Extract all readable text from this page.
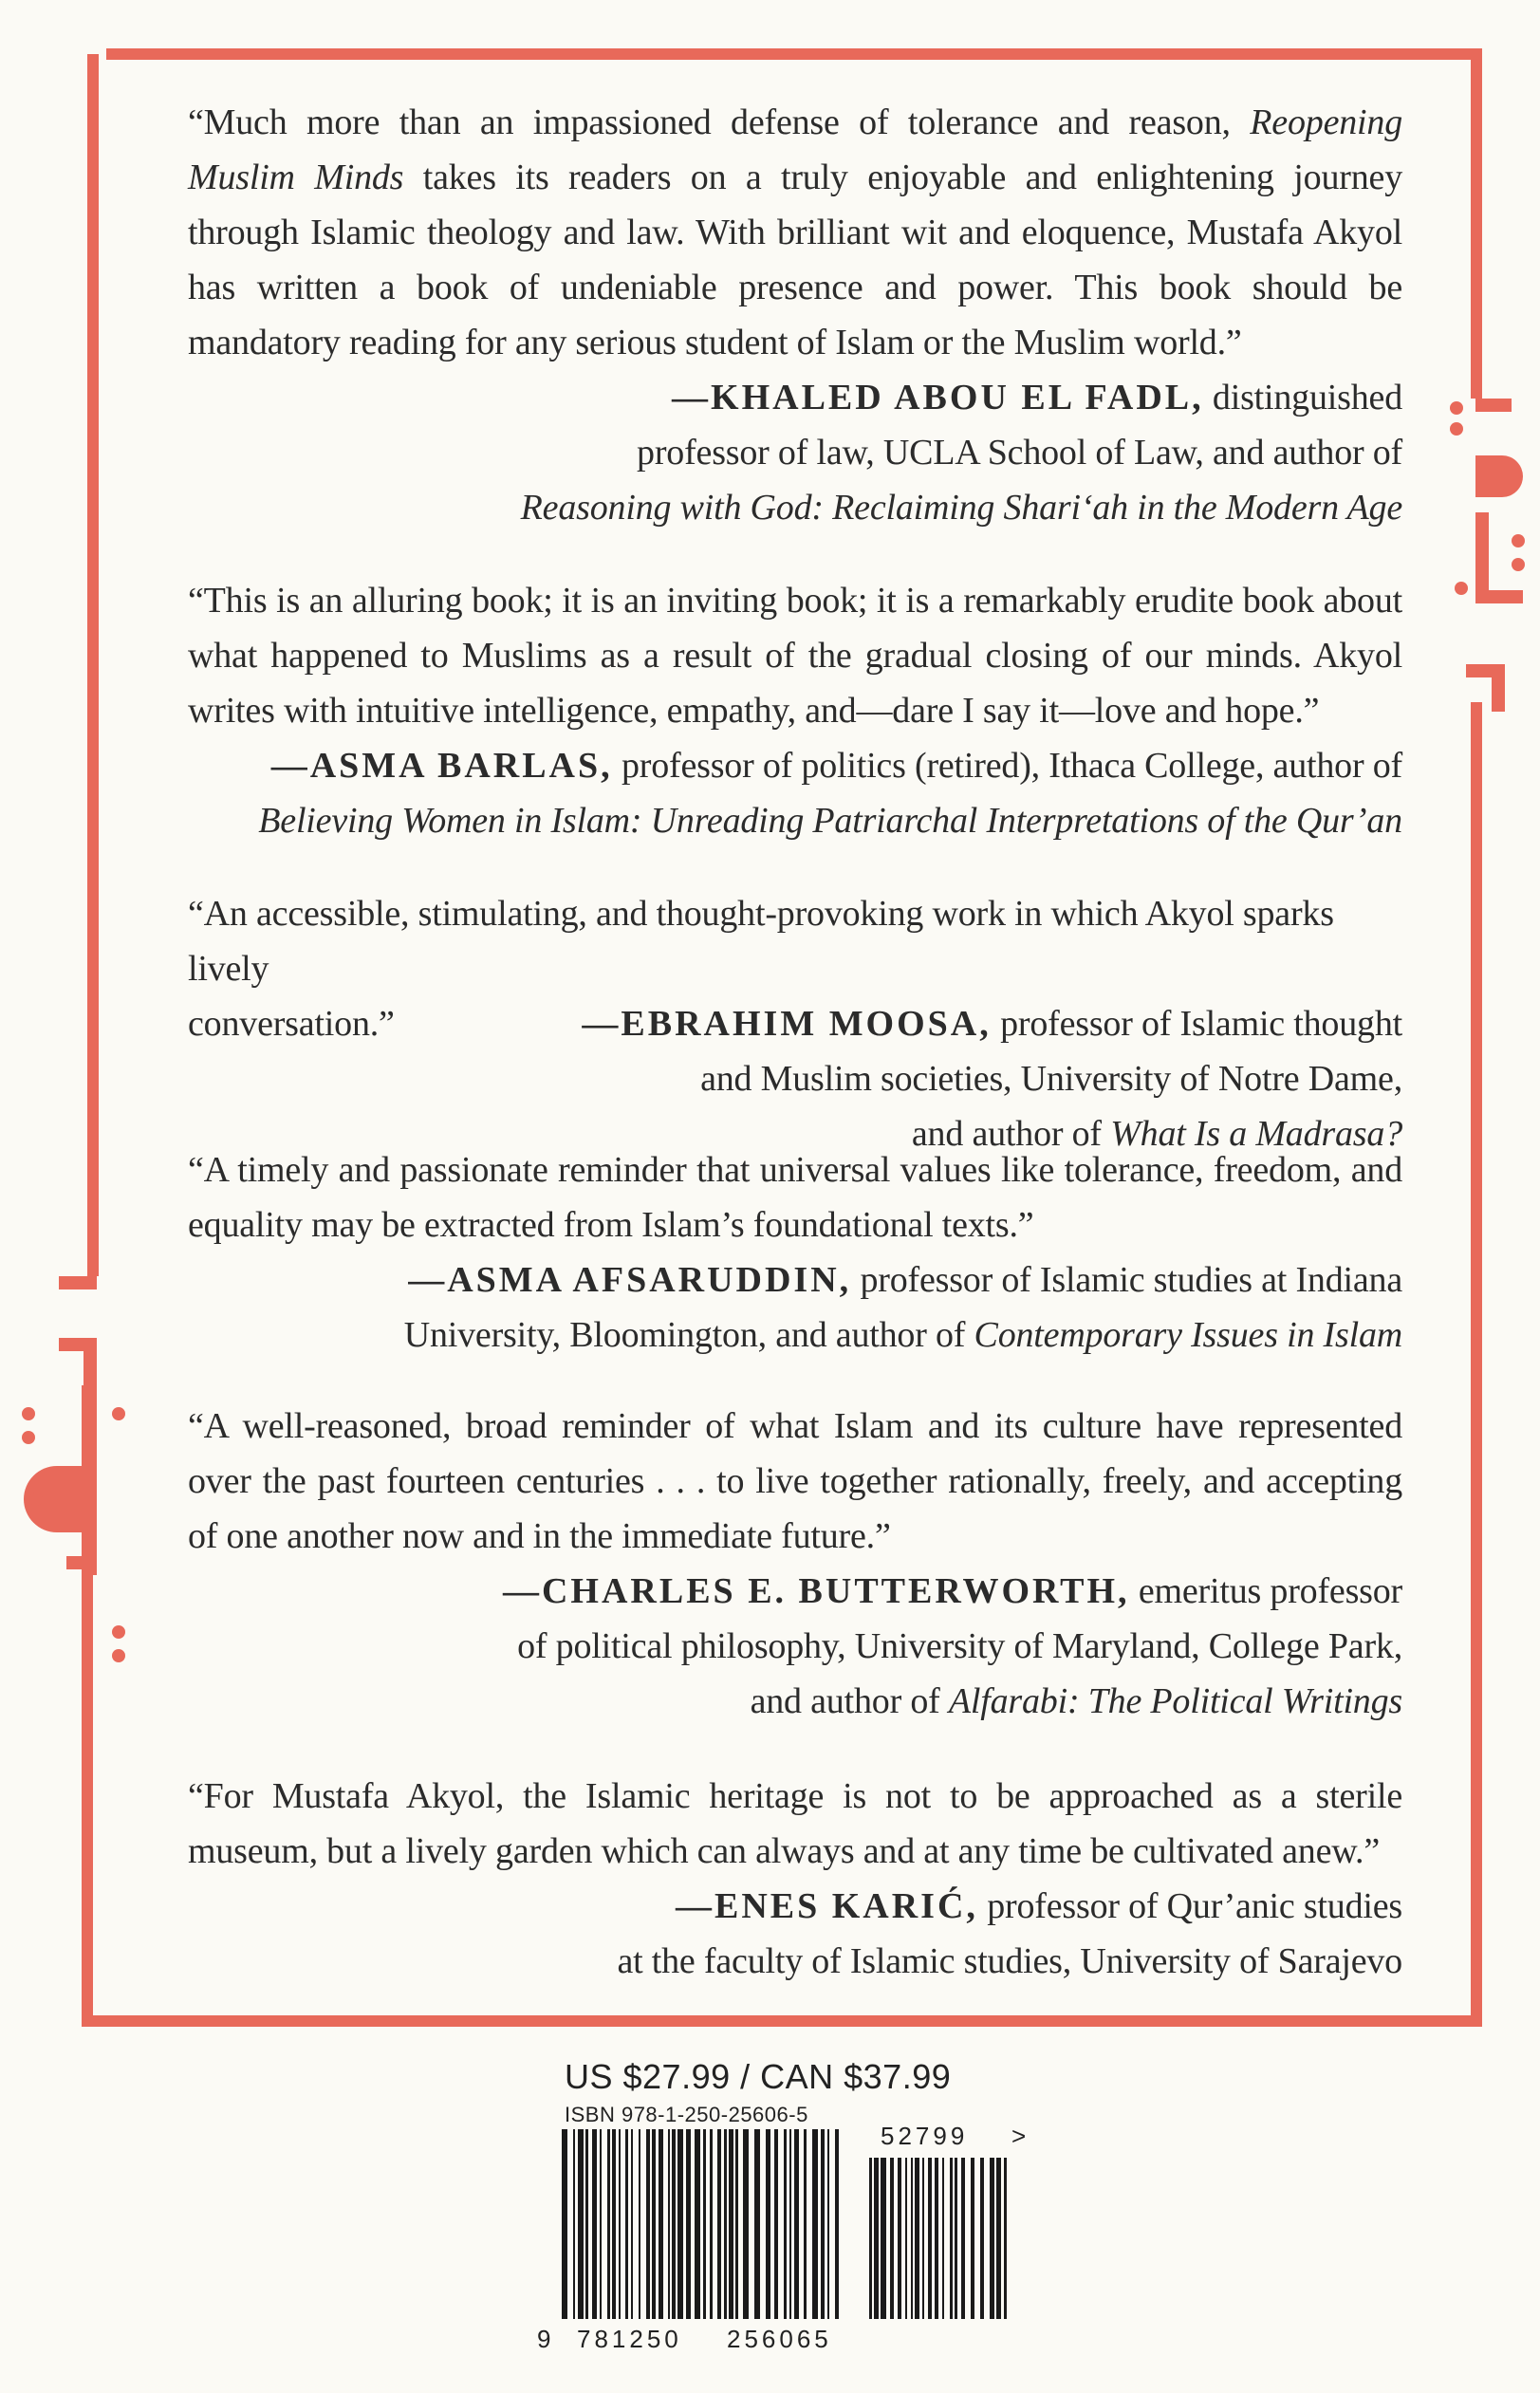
“Much more than an impassioned defense of tolerance and reason, Reopening Muslim Minds takes its readers on a truly enjoyable and enlightening journey through Islamic theology and law. With brilliant wit and eloquence, Mustafa Akyol has written a book of undeniable presence and power. This book should be mandatory reading for any serious student of Islam or the Muslim world.”

—KHALED ABOU EL FADL, distinguished
professor of law, UCLA School of Law, and author of
Reasoning with God: Reclaiming Shari‘ah in the Modern Age

“This is an alluring book; it is an inviting book; it is a remarkably erudite book about what happened to Muslims as a result of the gradual closing of our minds. Akyol writes with intuitive intelligence, empathy, and—dare I say it—love and hope.”

—ASMA BARLAS, professor of politics (retired), Ithaca College, author of
Believing Women in Islam: Unreading Patriarchal Interpretations of the Qur’an

“An accessible, stimulating, and thought-provoking work in which Akyol sparks lively
conversation.”	—EBRAHIM MOOSA, professor of Islamic thought

and Muslim societies, University of Notre Dame,
and author of What Is a Madrasa?

“A timely and passionate reminder that universal values like tolerance, freedom, and equality may be extracted from Islam’s foundational texts.”

—ASMA AFSARUDDIN, professor of Islamic studies at Indiana
University, Bloomington, and author of Contemporary Issues in Islam

“A well-reasoned, broad reminder of what Islam and its culture have represented over the past fourteen centuries . . . to live together rationally, freely, and accepting of one another now and in the immediate future.”

—CHARLES E. BUTTERWORTH, emeritus professor
of political philosophy, University of Maryland, College Park,
and author of Alfarabi: The Political Writings

“For Mustafa Akyol, the Islamic heritage is not to be approached as a sterile museum, but a lively garden which can always and at any time be cultivated anew.”

—ENES KARIĆ, professor of Qur’anic studies
at the faculty of Islamic studies, University of Sarajevo

US $27.99 / CAN $37.99
ISBN 978-1-250-25606-5
9 781250 256065
52799 >
